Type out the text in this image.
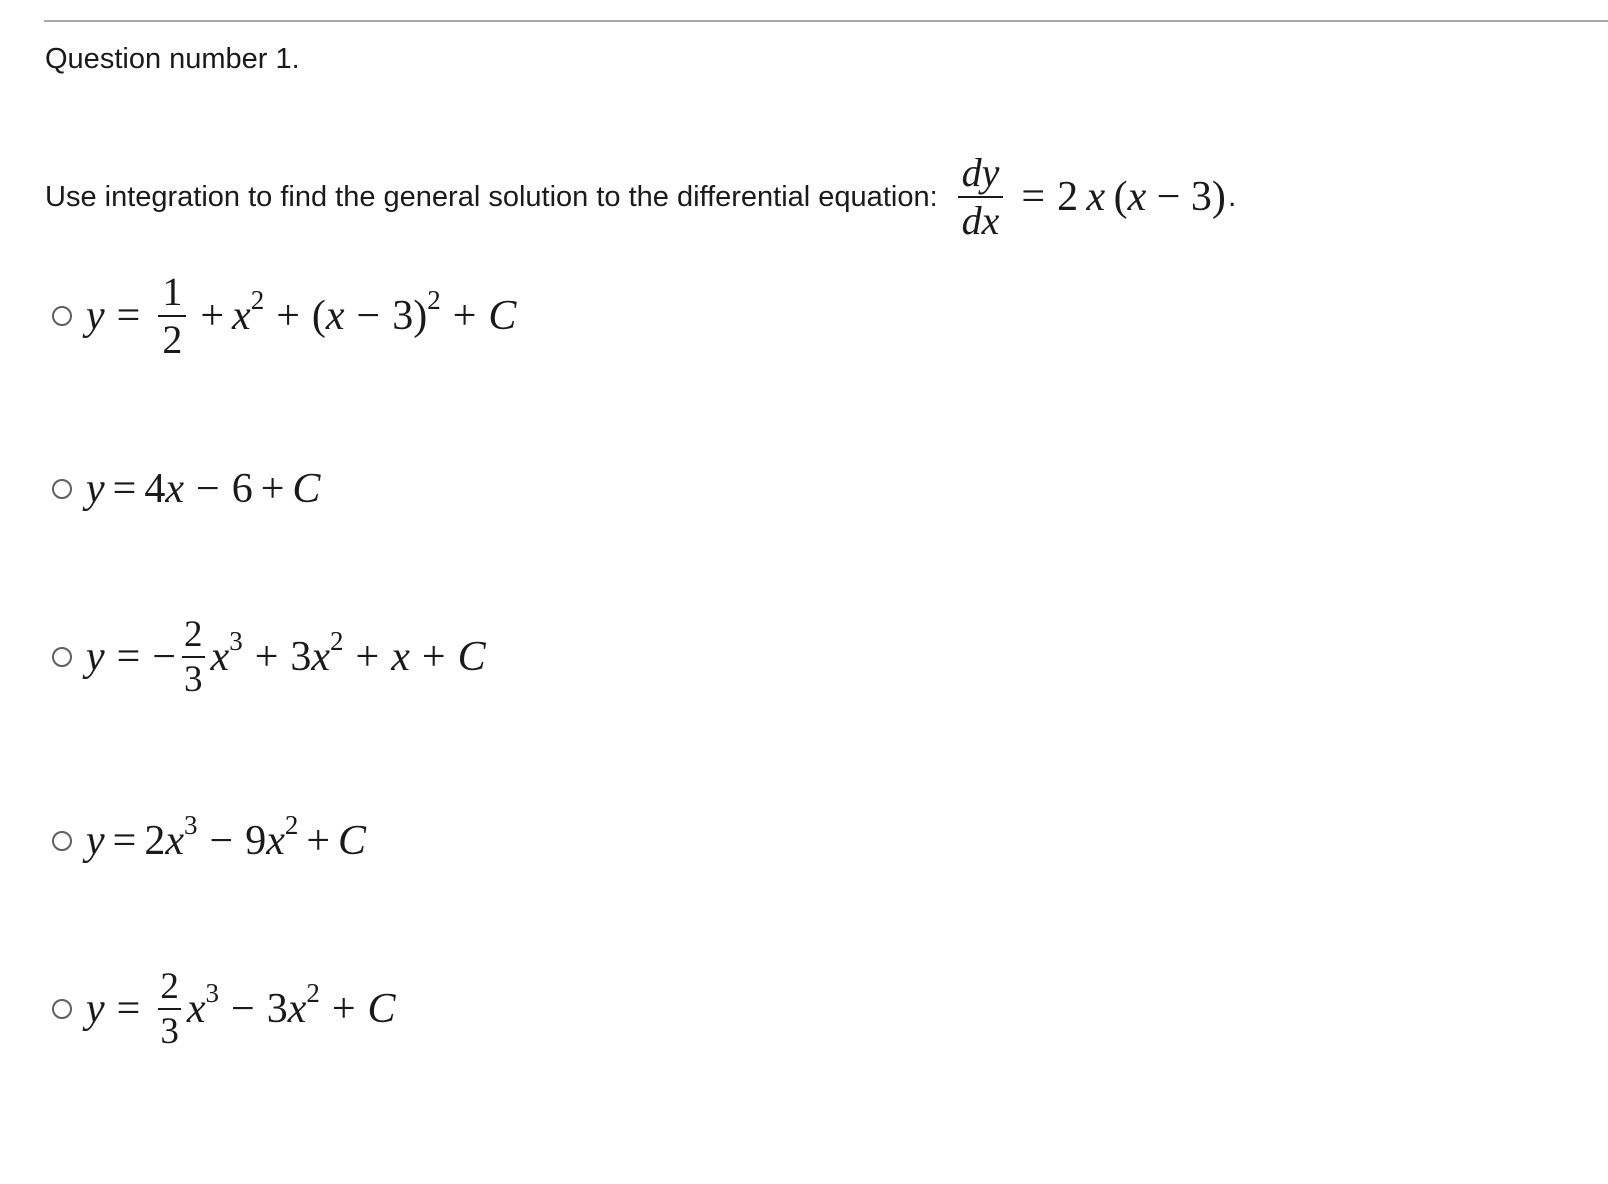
Question number 1.
Use integration to find the general solution to the differential equation: $\frac{dy}{dx} = 2$
  x
  (x − 3) .
$y = \frac{1}{2} + x^2$ + ( x − 3)$^2$ + C
y = 4 x − 6 + C
y = − $\frac{2}{3} x^3 + 3$ $x^2 + x + C$
y = 2 $x^3 - 9$ $x^2 + C$
$y = \frac{2}{3} x^3 - 3$ $x^2 + C$
